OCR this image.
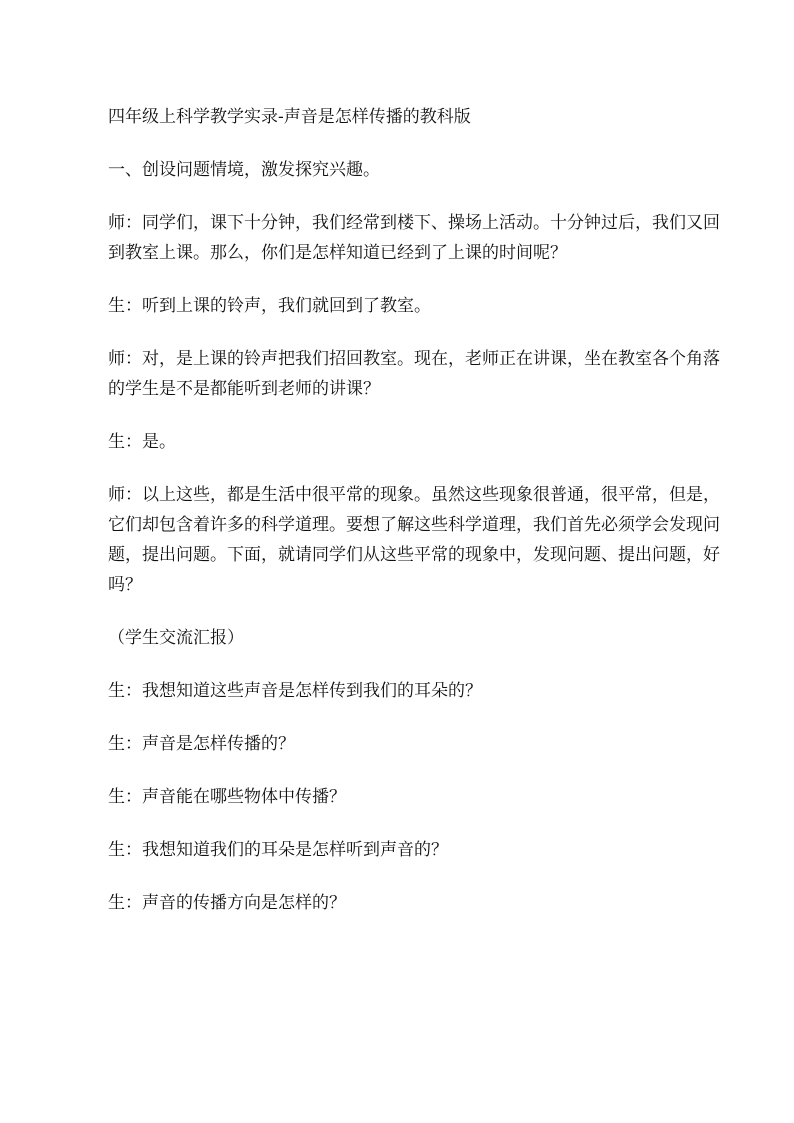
四年级上科学教学实录-声音是怎样传播的教科版

一、创设问题情境，激发探究兴趣。

师：同学们，课下十分钟，我们经常到楼下、操场上活动。十分钟过后，我们又回到教室上课。那么，你们是怎样知道已经到了上课的时间呢？

生：听到上课的铃声，我们就回到了教室。

师：对，是上课的铃声把我们招回教室。现在，老师正在讲课，坐在教室各个角落的学生是不是都能听到老师的讲课？

生：是。

师：以上这些，都是生活中很平常的现象。虽然这些现象很普通，很平常，但是，它们却包含着许多的科学道理。要想了解这些科学道理，我们首先必须学会发现问题，提出问题。下面，就请同学们从这些平常的现象中，发现问题、提出问题，好吗？

（学生交流汇报）

生：我想知道这些声音是怎样传到我们的耳朵的？

生：声音是怎样传播的？

生：声音能在哪些物体中传播？

生：我想知道我们的耳朵是怎样听到声音的？

生：声音的传播方向是怎样的？
